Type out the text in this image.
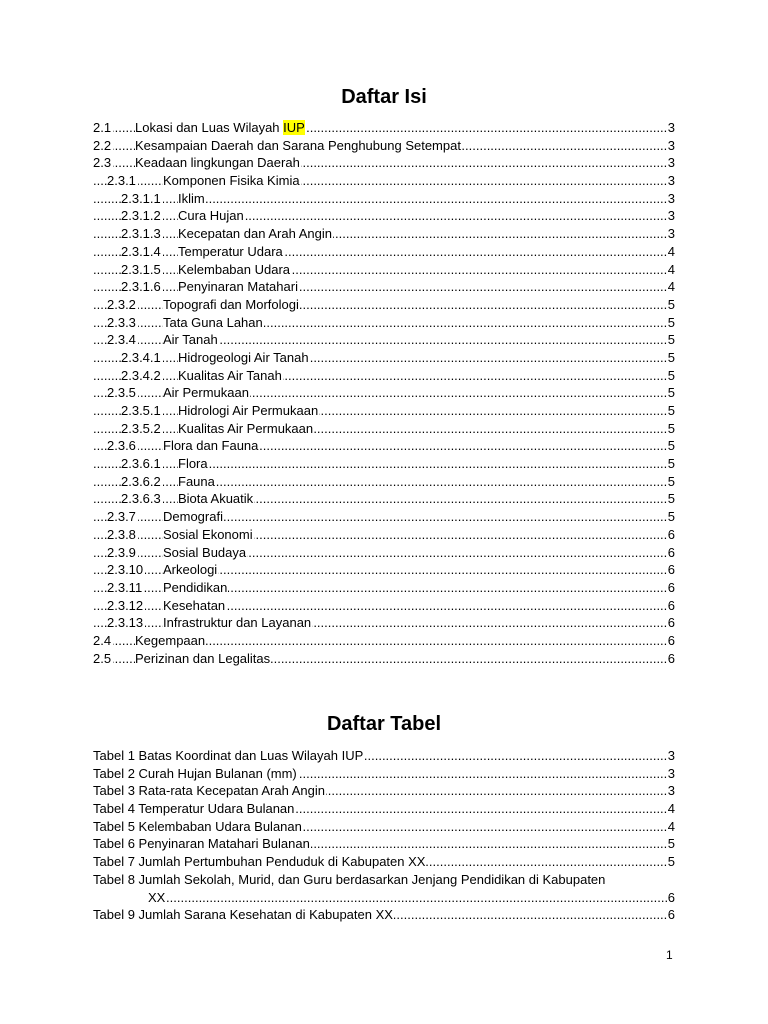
Daftar Isi
2.1 Lokasi dan Luas Wilayah IUP	3
.....
2.2 Kesampaian Daerah dan Sarana Penghubung Setempat	3
.....
2.3 Keadaan lingkungan Daerah	3
.....
2.3.1 Komponen Fisika Kimia	3
.....
2.3.1.1 Iklim	3
.....
2.3.1.2 Cura Hujan	3
.....
2.3.1.3 Kecepatan dan Arah Angin	3
.....
2.3.1.4 Temperatur Udara	4
.....
2.3.1.5 Kelembaban Udara	4
.....
2.3.1.6 Penyinaran Matahari	4
.....
2.3.2 Topografi dan Morfologi	5
.....
2.3.3 Tata Guna Lahan	5
.....
2.3.4 Air Tanah	5
.....
2.3.4.1 Hidrogeologi Air Tanah	5
.....
2.3.4.2 Kualitas Air Tanah	5
.....
2.3.5 Air Permukaan	5
.....
2.3.5.1 Hidrologi Air Permukaan	5
.....
2.3.5.2 Kualitas Air Permukaan	5
.....
2.3.6 Flora dan Fauna	5
.....
2.3.6.1 Flora	5
.....
2.3.6.2 Fauna	5
.....
2.3.6.3 Biota Akuatik	5
.....
2.3.7 Demografi	5
.....
2.3.8 Sosial Ekonomi	6
.....
2.3.9 Sosial Budaya	6
.....
2.3.10 Arkeologi	6
.....
2.3.11 Pendidikan	6
.....
2.3.12 Kesehatan	6
.....
2.3.13 Infrastruktur dan Layanan	6
.....
2.4 Kegempaan	6
.....
2.5 Perizinan dan Legalitas	6
.....
Daftar Tabel
Tabel 1 Batas Koordinat dan Luas Wilayah IUP	3
.....
Tabel 2 Curah Hujan Bulanan (mm)	3
.....
Tabel 3 Rata-rata Kecepatan Arah Angin	3
.....
Tabel 4 Temperatur Udara Bulanan	4
.....
Tabel 5 Kelembaban Udara Bulanan	4
.....
Tabel 6 Penyinaran Matahari Bulanan	5
.....
Tabel 7 Jumlah Pertumbuhan Penduduk di Kabupaten XX	5
.....
Tabel 8 Jumlah Sekolah, Murid, dan Guru berdasarkan Jenjang Pendidikan di Kabupaten
XX	6
.....
Tabel 9 Jumlah Sarana Kesehatan di Kabupaten XX	6
.....
1
